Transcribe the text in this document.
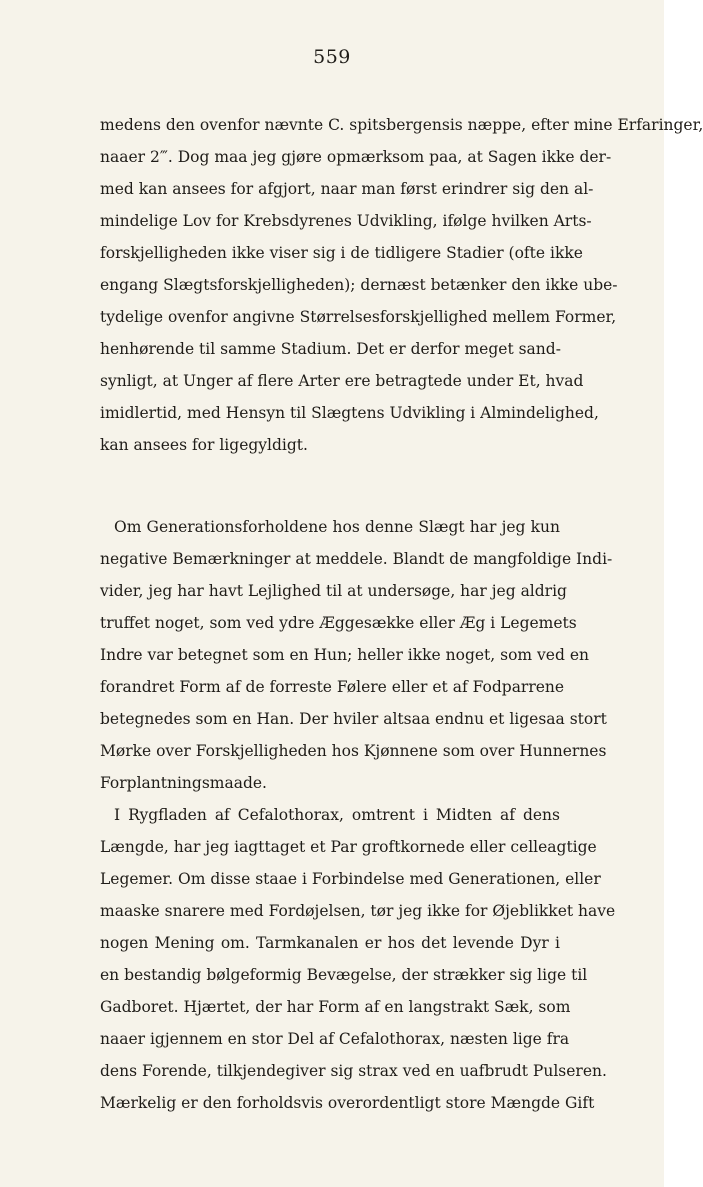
559
medens den ovenfor nævnte C. spitsbergensis næppe, efter mine Erfaringer,
naaer 2‴. Dog maa jeg gjøre opmærksom paa, at Sagen ikke der-
med kan ansees for afgjort, naar man først erindrer sig den al-
mindelige Lov for Krebsdyrenes Udvikling, ifølge hvilken Arts-
forskjelligheden ikke viser sig i de tidligere Stadier (ofte ikke
engang Slægtsforskjelligheden); dernæst betænker den ikke ube-
tydelige ovenfor angivne Størrelsesforskjellighed mellem Former,
henhørende til samme Stadium. Det er derfor meget sand-
synligt, at Unger af flere Arter ere betragtede under Et, hvad
imidlertid, med Hensyn til Slægtens Udvikling i Almindelighed,
kan ansees for ligegyldigt.
Om Generationsforholdene hos denne Slægt har jeg kun
negative Bemærkninger at meddele. Blandt de mangfoldige Indi-
vider, jeg har havt Lejlighed til at undersøge, har jeg aldrig
truffet noget, som ved ydre Æggesække eller Æg i Legemets
Indre var betegnet som en Hun; heller ikke noget, som ved en
forandret Form af de forreste Følere eller et af Fodparrene
betegnedes som en Han. Der hviler altsaa endnu et ligesaa stort
Mørke over Forskjelligheden hos Kjønnene som over Hunnernes
Forplantningsmaade.
I Rygfladen af Cefalothorax, omtrent i Midten af dens
Længde, har jeg iagttaget et Par groftkornede eller celleagtige
Legemer. Om disse staae i Forbindelse med Generationen, eller
maaske snarere med Fordøjelsen, tør jeg ikke for Øjeblikket have
nogen Mening om. Tarmkanalen er hos det levende Dyr i
en bestandig bølgeformig Bevægelse, der strækker sig lige til
Gadboret. Hjærtet, der har Form af en langstrakt Sæk, som
naaer igjennem en stor Del af Cefalothorax, næsten lige fra
dens Forende, tilkjendegiver sig strax ved en uafbrudt Pulseren.
Mærkelig er den forholdsvis overordentligt store Mængde Gift
